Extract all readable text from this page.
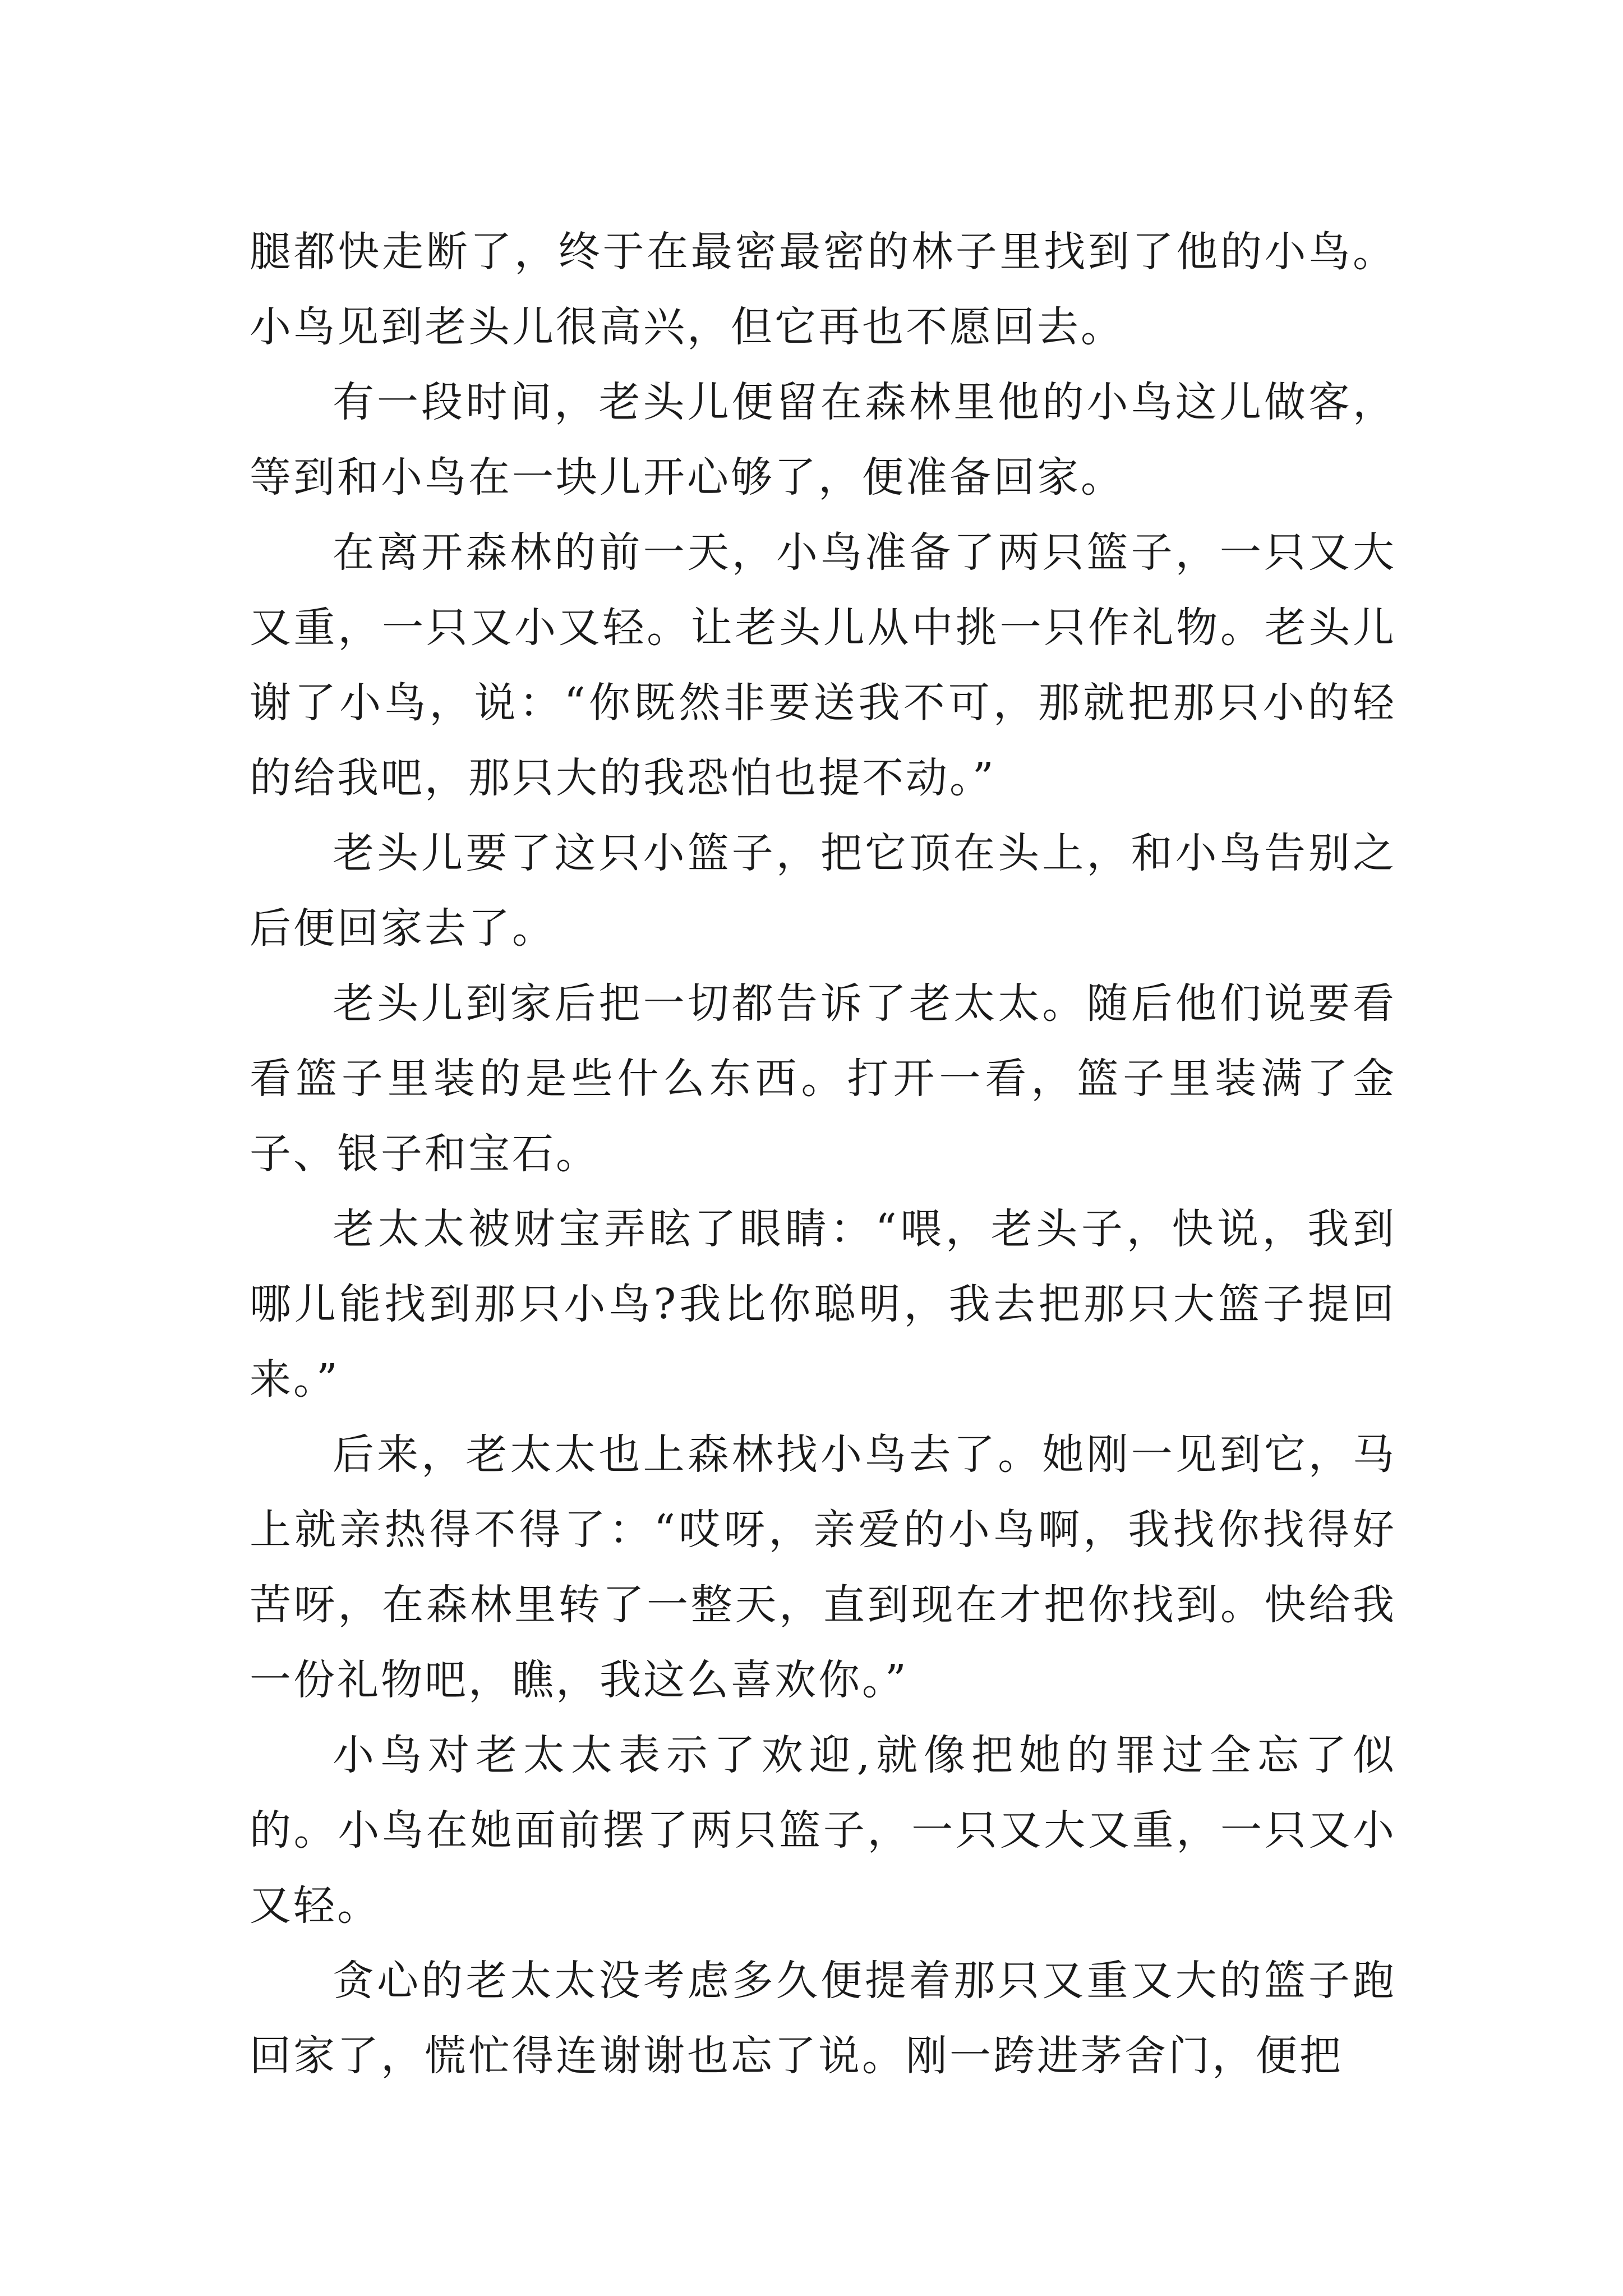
腿都快走断了，终于在最密最密的林子里找到了他的小鸟。小鸟见到老头儿很高兴，但它再也不愿回去。

有一段时间，老头儿便留在森林里他的小鸟这儿做客，等到和小鸟在一块儿开心够了，便准备回家。

在离开森林的前一天，小鸟准备了两只篮子，一只又大又重，一只又小又轻。让老头儿从中挑一只作礼物。老头儿谢了小鸟，说：“你既然非要送我不可，那就把那只小的轻的给我吧，那只大的我恐怕也提不动。”

老头儿要了这只小篮子，把它顶在头上，和小鸟告别之后便回家去了。

老头儿到家后把一切都告诉了老太太。随后他们说要看看篮子里装的是些什么东西。打开一看，篮子里装满了金子、银子和宝石。

老太太被财宝弄眩了眼睛：“喂，老头子，快说，我到哪儿能找到那只小鸟?我比你聪明，我去把那只大篮子提回来。”

后来，老太太也上森林找小鸟去了。她刚一见到它，马上就亲热得不得了：“哎呀，亲爱的小鸟啊，我找你找得好苦呀，在森林里转了一整天，直到现在才把你找到。快给我一份礼物吧，瞧，我这么喜欢你。”

小鸟对老太太表示了欢迎,就像把她的罪过全忘了似的。小鸟在她面前摆了两只篮子，一只又大又重，一只又小又轻。

贪心的老太太没考虑多久便提着那只又重又大的篮子跑回家了，慌忙得连谢谢也忘了说。刚一跨进茅舍门，便把
